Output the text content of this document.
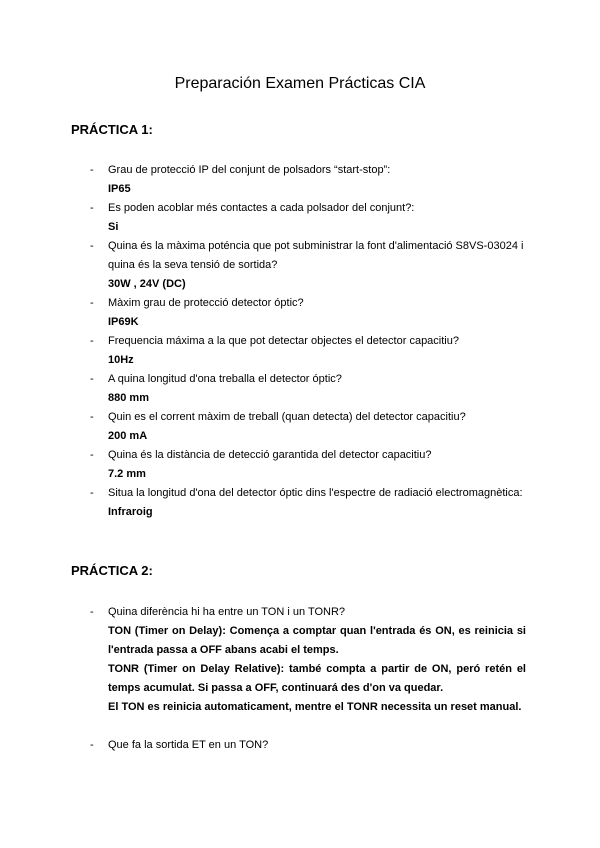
Preparación Examen Prácticas CIA
PRÁCTICA 1:
- Grau de protecció IP del conjunt de polsadors “start-stop”:
IP65
- Es poden acoblar més contactes a cada polsador del conjunt?:
Si
- Quina és la màxima poténcia que pot subministrar la font d'alimentació S8VS-03024 i quina és la seva tensió de sortida?
30W , 24V (DC)
- Màxim grau de protecció detector óptic?
IP69K
- Frequencia máxima a la que pot detectar objectes el detector capacitiu?
10Hz
- A quina longitud d'ona treballa el detector óptic?
880 mm
- Quin es el corrent màxim de treball (quan detecta) del detector capacitiu?
200 mA
- Quina és la distància de detecció garantida del detector capacitiu?
7.2 mm
- Situa la longitud d'ona del detector óptic dins l'espectre de radiació electromagnètica:
Infraroig
PRÁCTICA 2:
- Quina diferència hi ha entre un TON i un TONR?

TON (Timer on Delay): Comença a comptar quan l'entrada és ON, es reinicia si l'entrada passa a OFF abans acabi el temps.

TONR (Timer on Delay Relative): també compta a partir de ON, peró retén el temps acumulat. Si passa a OFF, continuará des d'on va quedar.

El TON es reinicia automaticament, mentre el TONR necessita un reset manual.

- Que fa la sortida ET en un TON?
